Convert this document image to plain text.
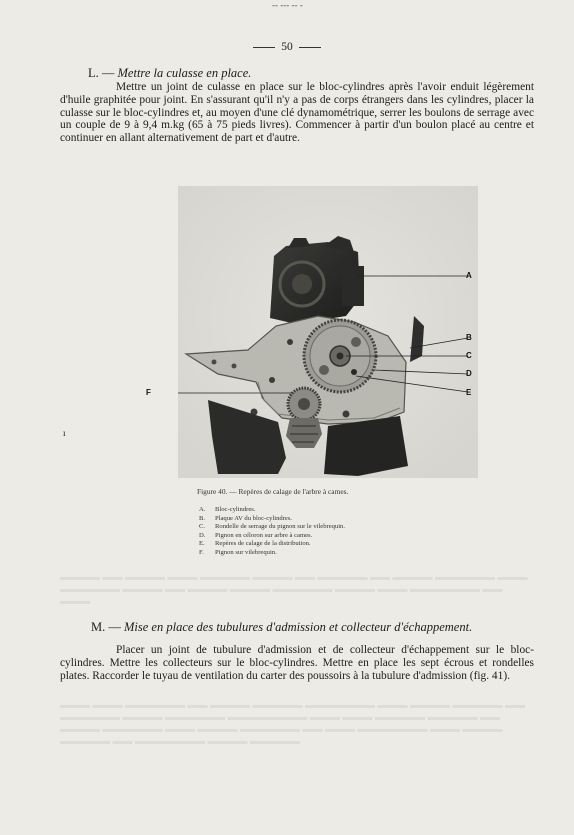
-- --- -- -
50
▬▬▬▬ ▬▬ ▬▬▬▬ ▬▬▬ ▬▬▬▬▬ ▬▬▬▬ ▬▬ ▬▬▬▬▬ ▬▬ ▬▬▬▬ ▬▬▬▬▬▬ ▬▬▬ ▬▬▬▬▬▬ ▬▬▬▬ ▬▬ ▬▬▬▬ ▬▬▬▬ ▬▬▬▬▬▬ ▬▬▬▬ ▬▬▬ ▬▬▬▬▬▬▬ ▬▬ ▬▬▬
▬▬▬ ▬▬▬ ▬▬▬▬▬▬ ▬▬ ▬▬▬▬ ▬▬▬▬▬ ▬▬▬▬▬▬▬ ▬▬▬ ▬▬▬▬ ▬▬▬▬▬ ▬▬ ▬▬▬▬▬▬ ▬▬▬▬ ▬▬▬▬▬▬ ▬▬▬▬▬▬▬▬ ▬▬▬ ▬▬▬ ▬▬▬▬▬ ▬▬▬▬▬ ▬▬ ▬▬▬▬ ▬▬▬▬▬▬ ▬▬▬ ▬▬▬▬ ▬▬▬▬▬▬ ▬▬ ▬▬▬ ▬▬▬▬▬▬▬ ▬▬▬ ▬▬▬▬ ▬▬▬▬▬ ▬▬ ▬▬▬▬▬▬▬ ▬▬▬▬ ▬▬▬▬▬
L. — Mettre la culasse en place.

Mettre un joint de culasse en place sur le bloc-cylindres après l'avoir enduit légèrement d'huile graphitée pour joint. En s'assurant qu'il n'y a pas de corps étrangers dans les cylindres, placer la culasse sur le bloc-cylindres et, au moyen d'une clé dynamométrique, serrer les boulons de serrage avec un couple de 9 à 9,4 m.kg (65 à 75 pieds livres). Commencer à partir d'un boulon placé au centre et continuer en allant alternativement de part et d'autre.

A
B
C
D
E
F
ı
Figure 40. — Repères de calage de l'arbre à cames.
A. Bloc-cylindres.
B. Plaque AV du bloc-cylindres.
C. Rondelle de serrage du pignon sur le vilebrequin.
D. Pignon en céloron sur arbre à cames.
E. Repères de calage de la distribution.
F. Pignon sur vilebrequin.
M. — Mise en place des tubulures d'admission et collecteur d'échappement.

Placer un joint de tubulure d'admission et de collecteur d'échappement sur le bloc-cylindres. Mettre les collecteurs sur le bloc-cylindres. Mettre en place les sept écrous et rondelles plates. Raccorder le tuyau de ventilation du carter des poussoirs à la tubulure d'admission (fig. 41).
